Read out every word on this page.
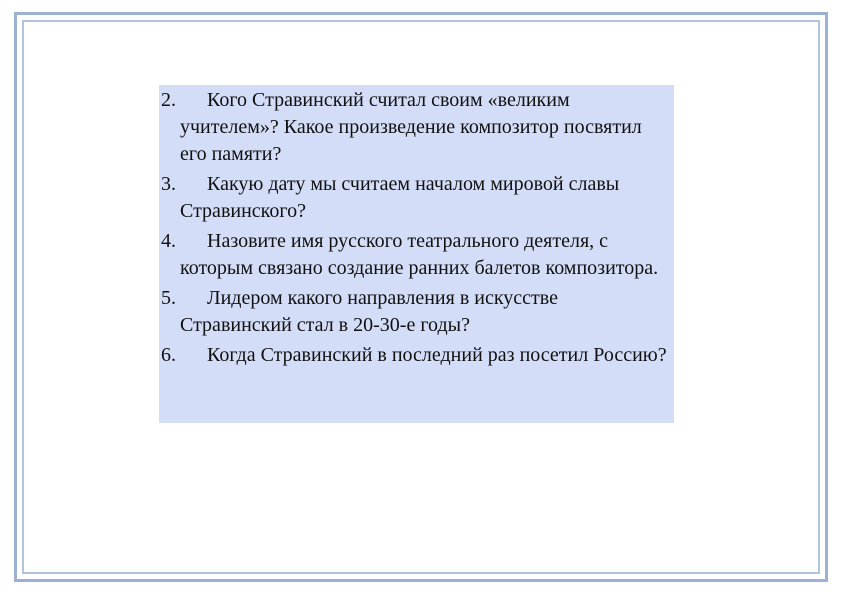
2. Кого Стравинский считал своим «великим учителем»? Какое произведение композитор посвятил его памяти?
3. Какую дату мы считаем началом мировой славы Стравинского?
4. Назовите имя русского театрального деятеля, с которым связано создание ранних балетов композитора.
5. Лидером какого направления в искусстве Стравинский стал в 20-30-е годы?
6. Когда Стравинский в последний раз посетил Россию?
